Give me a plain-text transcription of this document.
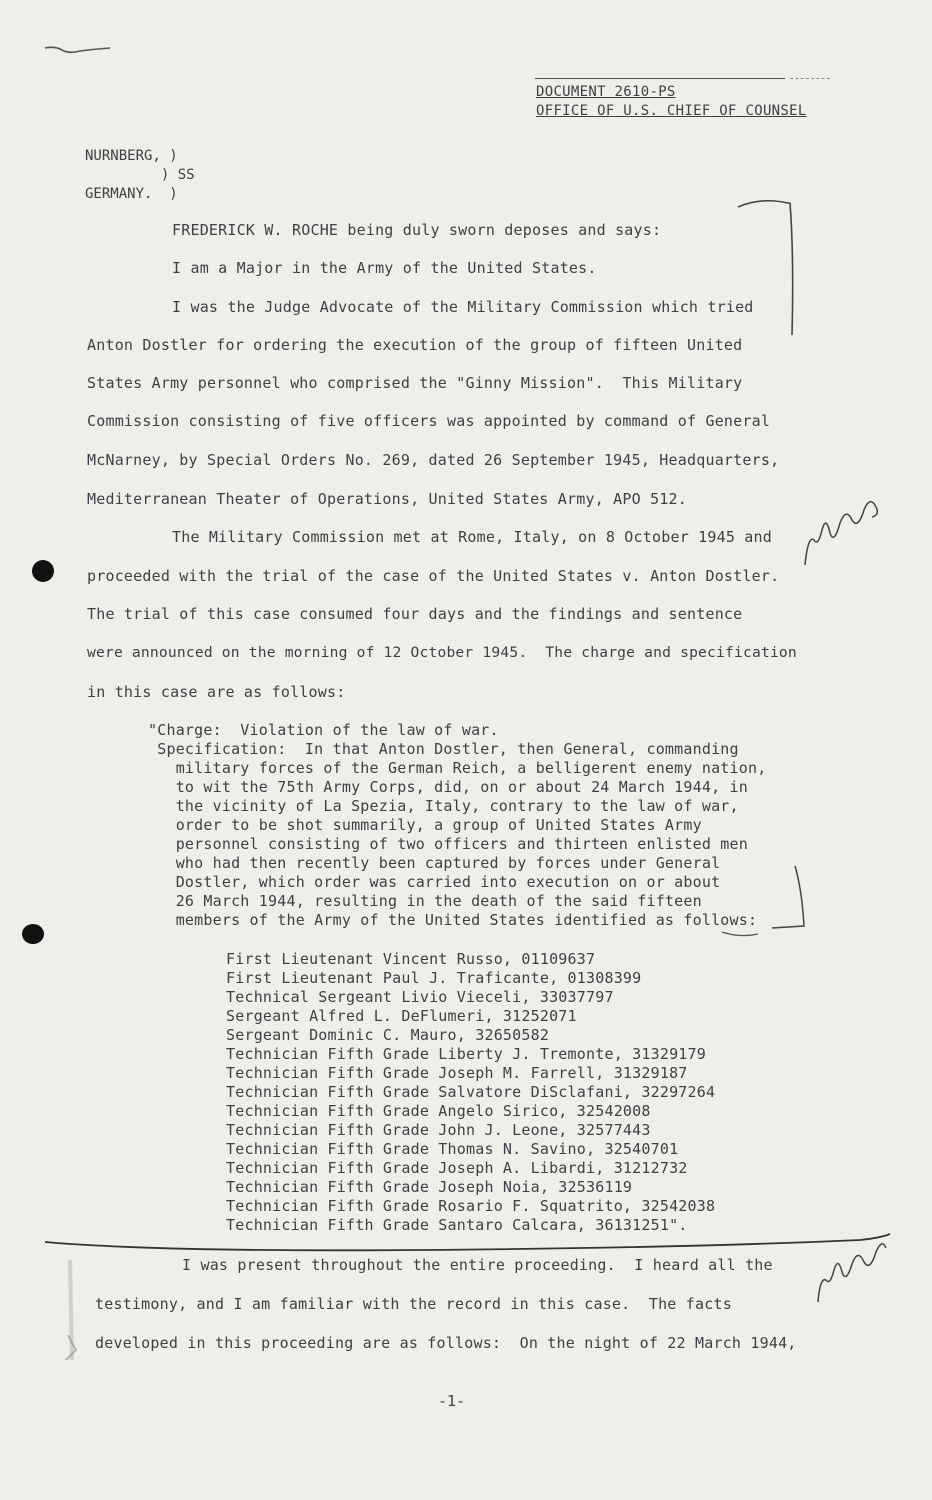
DOCUMENT 2610-PS
OFFICE OF U.S. CHIEF OF COUNSEL
NURNBERG, )
) SS
GERMANY.  )
FREDERICK W. ROCHE being duly sworn deposes and says:
I am a Major in the Army of the United States.
I was the Judge Advocate of the Military Commission which tried
Anton Dostler for ordering the execution of the group of fifteen United
States Army personnel who comprised the "Ginny Mission".  This Military
Commission consisting of five officers was appointed by command of General
McNarney, by Special Orders No. 269, dated 26 September 1945, Headquarters,
Mediterranean Theater of Operations, United States Army, APO 512.
The Military Commission met at Rome, Italy, on 8 October 1945 and
proceeded with the trial of the case of the United States v. Anton Dostler.
The trial of this case consumed four days and the findings and sentence
were announced on the morning of 12 October 1945.  The charge and specification
in this case are as follows:
"Charge:  Violation of the law of war.
Specification:  In that Anton Dostler, then General, commanding
military forces of the German Reich, a belligerent enemy nation,
to wit the 75th Army Corps, did, on or about 24 March 1944, in
the vicinity of La Spezia, Italy, contrary to the law of war,
order to be shot summarily, a group of United States Army
personnel consisting of two officers and thirteen enlisted men
who had then recently been captured by forces under General
Dostler, which order was carried into execution on or about
26 March 1944, resulting in the death of the said fifteen
members of the Army of the United States identified as follows:
First Lieutenant Vincent Russo, 01109637
First Lieutenant Paul J. Traficante, 01308399
Technical Sergeant Livio Vieceli, 33037797
Sergeant Alfred L. DeFlumeri, 31252071
Sergeant Dominic C. Mauro, 32650582
Technician Fifth Grade Liberty J. Tremonte, 31329179
Technician Fifth Grade Joseph M. Farrell, 31329187
Technician Fifth Grade Salvatore DiSclafani, 32297264
Technician Fifth Grade Angelo Sirico, 32542008
Technician Fifth Grade John J. Leone, 32577443
Technician Fifth Grade Thomas N. Savino, 32540701
Technician Fifth Grade Joseph A. Libardi, 31212732
Technician Fifth Grade Joseph Noia, 32536119
Technician Fifth Grade Rosario F. Squatrito, 32542038
Technician Fifth Grade Santaro Calcara, 36131251".
I was present throughout the entire proceeding.  I heard all the
testimony, and I am familiar with the record in this case.  The facts
developed in this proceeding are as follows:  On the night of 22 March 1944,
-1-
